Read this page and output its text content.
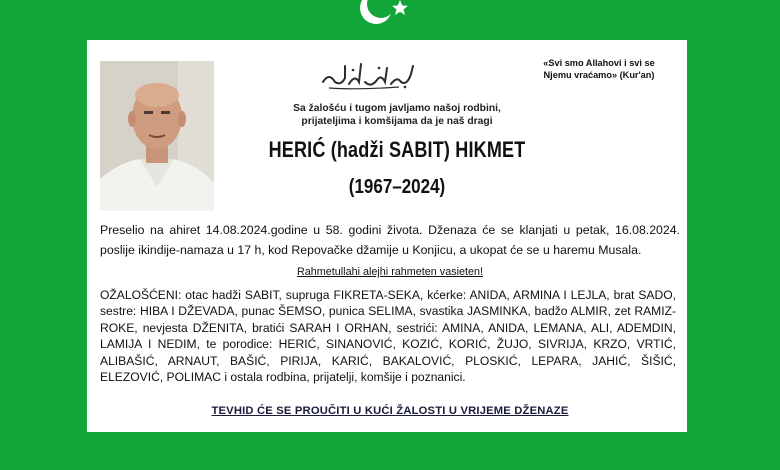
«Svi smo Allahovi i svi se
Njemu vraćamo» (Kur'an)
Sa žalošću i tugom javljamo našoj rodbini,
prijateljima i komšijama da je naš dragi
HERIĆ (hadži SABIT) HIKMET
(1967–2024)
Preselio na ahiret 14.08.2024.godine u 58. godini života. Dženaza će se klanjati u petak, 16.08.2024. poslije ikindije-namaza u 17 h, kod Repovačke džamije u Konjicu, a ukopat će se u haremu Musala.
Rahmetullahi alejhi rahmeten vasieten!
OŽALOŠĆENI: otac hadži SABIT, supruga FIKRETA-SEKA, kćerke: ANIDA, ARMINA I LEJLA, brat SADO, sestre: HIBA I DŽEVADA, punac ŠEMSO, punica SELIMA, svastika JASMINKA, badžo ALMIR, zet RAMIZ-ROKE, nevjesta DŽENITA, bratići SARAH I ORHAN, sestrići: AMINA, ANIDA, LEMANA, ALI, ADEMDIN, LAMIJA I NEDIM, te porodice: HERIĆ, SINANOVIĆ, KOZIĆ, KORIĆ, ŽUJO, SIVRIJA, KRZO, VRTIĆ, ALIBAŠIĆ, ARNAUT, BAŠIĆ, PIRIJA, KARIĆ, BAKALOVIĆ, PLOSKIĆ, LEPARA, JAHIĆ, ŠIŠIĆ, ELEZOVIĆ, POLIMAC i ostala rodbina, prijatelji, komšije i poznanici.
TEVHID ĆE SE PROUČITI U KUĆI ŽALOSTI U VRIJEME DŽENAZE
